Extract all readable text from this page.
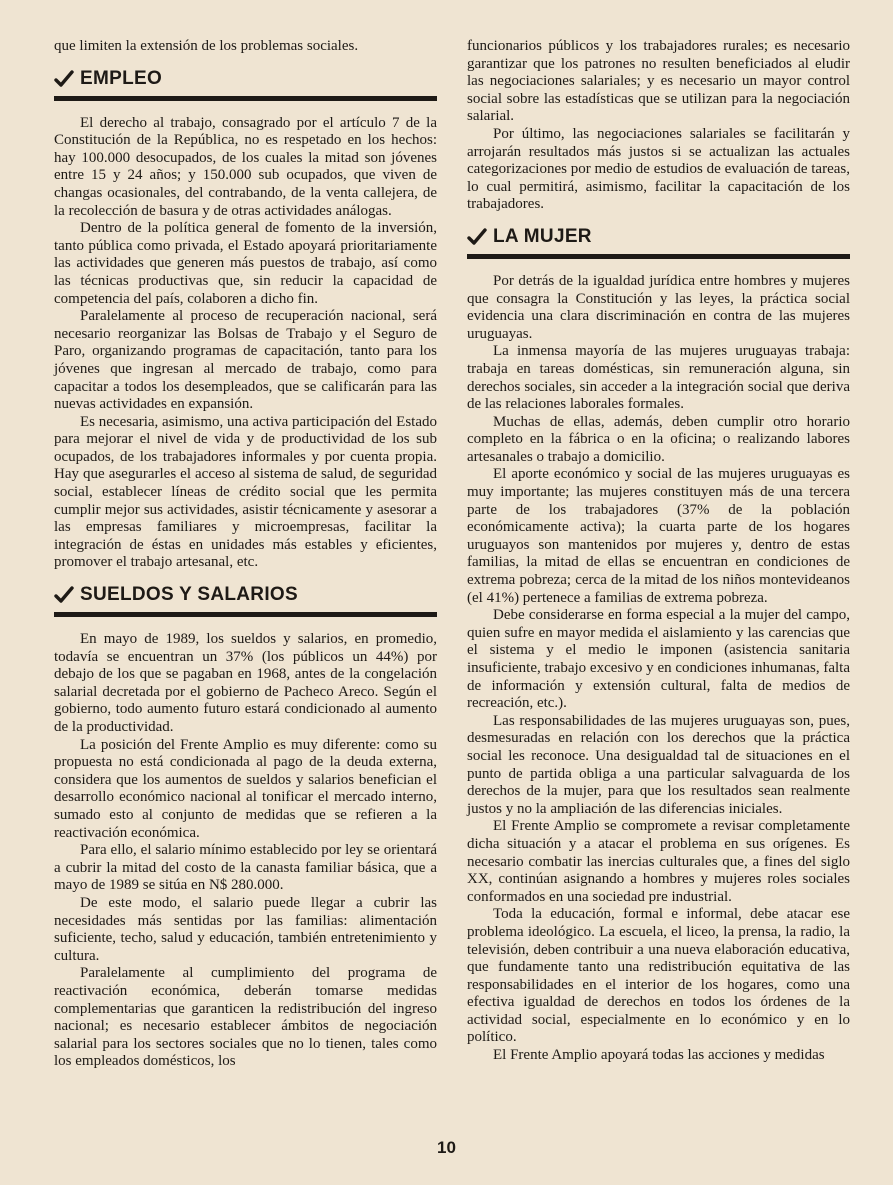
que limiten la extensión de los problemas sociales.

EMPLEO

El derecho al trabajo, consagrado por el artículo 7 de la Constitución de la República, no es respetado en los hechos: hay 100.000 desocupados, de los cuales la mitad son jóvenes entre 15 y 24 años; y 150.000 sub ocupados, que viven de changas ocasionales, del contrabando, de la venta callejera, de la recolección de basura y de otras actividades análogas.

Dentro de la política general de fomento de la inversión, tanto pública como privada, el Estado apoyará prioritariamente las actividades que generen más puestos de trabajo, así como las técnicas productivas que, sin reducir la capacidad de competencia del país, colaboren a dicho fin.

Paralelamente al proceso de recuperación nacional, será necesario reorganizar las Bolsas de Trabajo y el Seguro de Paro, organizando programas de capacitación, tanto para los jóvenes que ingresan al mercado de trabajo, como para capacitar a todos los desempleados, que se calificarán para las nuevas actividades en expansión.

Es necesaria, asimismo, una activa participación del Estado para mejorar el nivel de vida y de productividad de los sub ocupados, de los trabajadores informales y por cuenta propia. Hay que asegurarles el acceso al sistema de salud, de seguridad social, establecer líneas de crédito social que les permita cumplir mejor sus actividades, asistir técnicamente y asesorar a las empresas familiares y microempresas, facilitar la integración de éstas en unidades más estables y eficientes, promover el trabajo artesanal, etc.

SUELDOS Y SALARIOS

En mayo de 1989, los sueldos y salarios, en promedio, todavía se encuentran un 37% (los públicos un 44%) por debajo de los que se pagaban en 1968, antes de la congelación salarial decretada por el gobierno de Pacheco Areco. Según el gobierno, todo aumento futuro estará condicionado al aumento de la productividad.

La posición del Frente Amplio es muy diferente: como su propuesta no está condicionada al pago de la deuda externa, considera que los aumentos de sueldos y salarios benefician el desarrollo económico nacional al tonificar el mercado interno, sumado esto al conjunto de medidas que se refieren a la reactivación económica.

Para ello, el salario mínimo establecido por ley se orientará a cubrir la mitad del costo de la canasta familiar básica, que a mayo de 1989 se sitúa en N$ 280.000.

De este modo, el salario puede llegar a cubrir las necesidades más sentidas por las familias: alimentación suficiente, techo, salud y educación, también entretenimiento y cultura.

Paralelamente al cumplimiento del programa de reactivación económica, deberán tomarse medidas complementarias que garanticen la redistribución del ingreso nacional; es necesario establecer ámbitos de negociación salarial para los sectores sociales que no lo tienen, tales como los empleados domésticos, los

funcionarios públicos y los trabajadores rurales; es necesario garantizar que los patrones no resulten beneficiados al eludir las negociaciones salariales; y es necesario un mayor control social sobre las estadísticas que se utilizan para la negociación salarial.

Por último, las negociaciones salariales se facilitarán y arrojarán resultados más justos si se actualizan las actuales categorizaciones por medio de estudios de evaluación de tareas, lo cual permitirá, asimismo, facilitar la capacitación de los trabajadores.

LA MUJER

Por detrás de la igualdad jurídica entre hombres y mujeres que consagra la Constitución y las leyes, la práctica social evidencia una clara discriminación en contra de las mujeres uruguayas.

La inmensa mayoría de las mujeres uruguayas trabaja: trabaja en tareas domésticas, sin remuneración alguna, sin derechos sociales, sin acceder a la integración social que deriva de las relaciones laborales formales.

Muchas de ellas, además, deben cumplir otro horario completo en la fábrica o en la oficina; o realizando labores artesanales o trabajo a domicilio.

El aporte económico y social de las mujeres uruguayas es muy importante; las mujeres constituyen más de una tercera parte de los trabajadores (37% de la población económicamente activa); la cuarta parte de los hogares uruguayos son mantenidos por mujeres y, dentro de estas familias, la mitad de ellas se encuentran en condiciones de extrema pobreza; cerca de la mitad de los niños montevideanos (el 41%) pertenece a familias de extrema pobreza.

Debe considerarse en forma especial a la mujer del campo, quien sufre en mayor medida el aislamiento y las carencias que el sistema y el medio le imponen (asistencia sanitaria insuficiente, trabajo excesivo y en condiciones inhumanas, falta de información y extensión cultural, falta de medios de recreación, etc.).

Las responsabilidades de las mujeres uruguayas son, pues, desmesuradas en relación con los derechos que la práctica social les reconoce. Una desigualdad tal de situaciones en el punto de partida obliga a una particular salvaguarda de los derechos de la mujer, para que los resultados sean realmente justos y no la ampliación de las diferencias iniciales.

El Frente Amplio se compromete a revisar completamente dicha situación y a atacar el problema en sus orígenes. Es necesario combatir las inercias culturales que, a fines del siglo XX, continúan asignando a hombres y mujeres roles sociales conformados en una sociedad pre industrial.

Toda la educación, formal e informal, debe atacar ese problema ideológico. La escuela, el liceo, la prensa, la radio, la televisión, deben contribuir a una nueva elaboración educativa, que fundamente tanto una redistribución equitativa de las responsabilidades en el interior de los hogares, como una efectiva igualdad de derechos en todos los órdenes de la actividad social, especialmente en lo económico y en lo político.

El Frente Amplio apoyará todas las acciones y medidas

10
